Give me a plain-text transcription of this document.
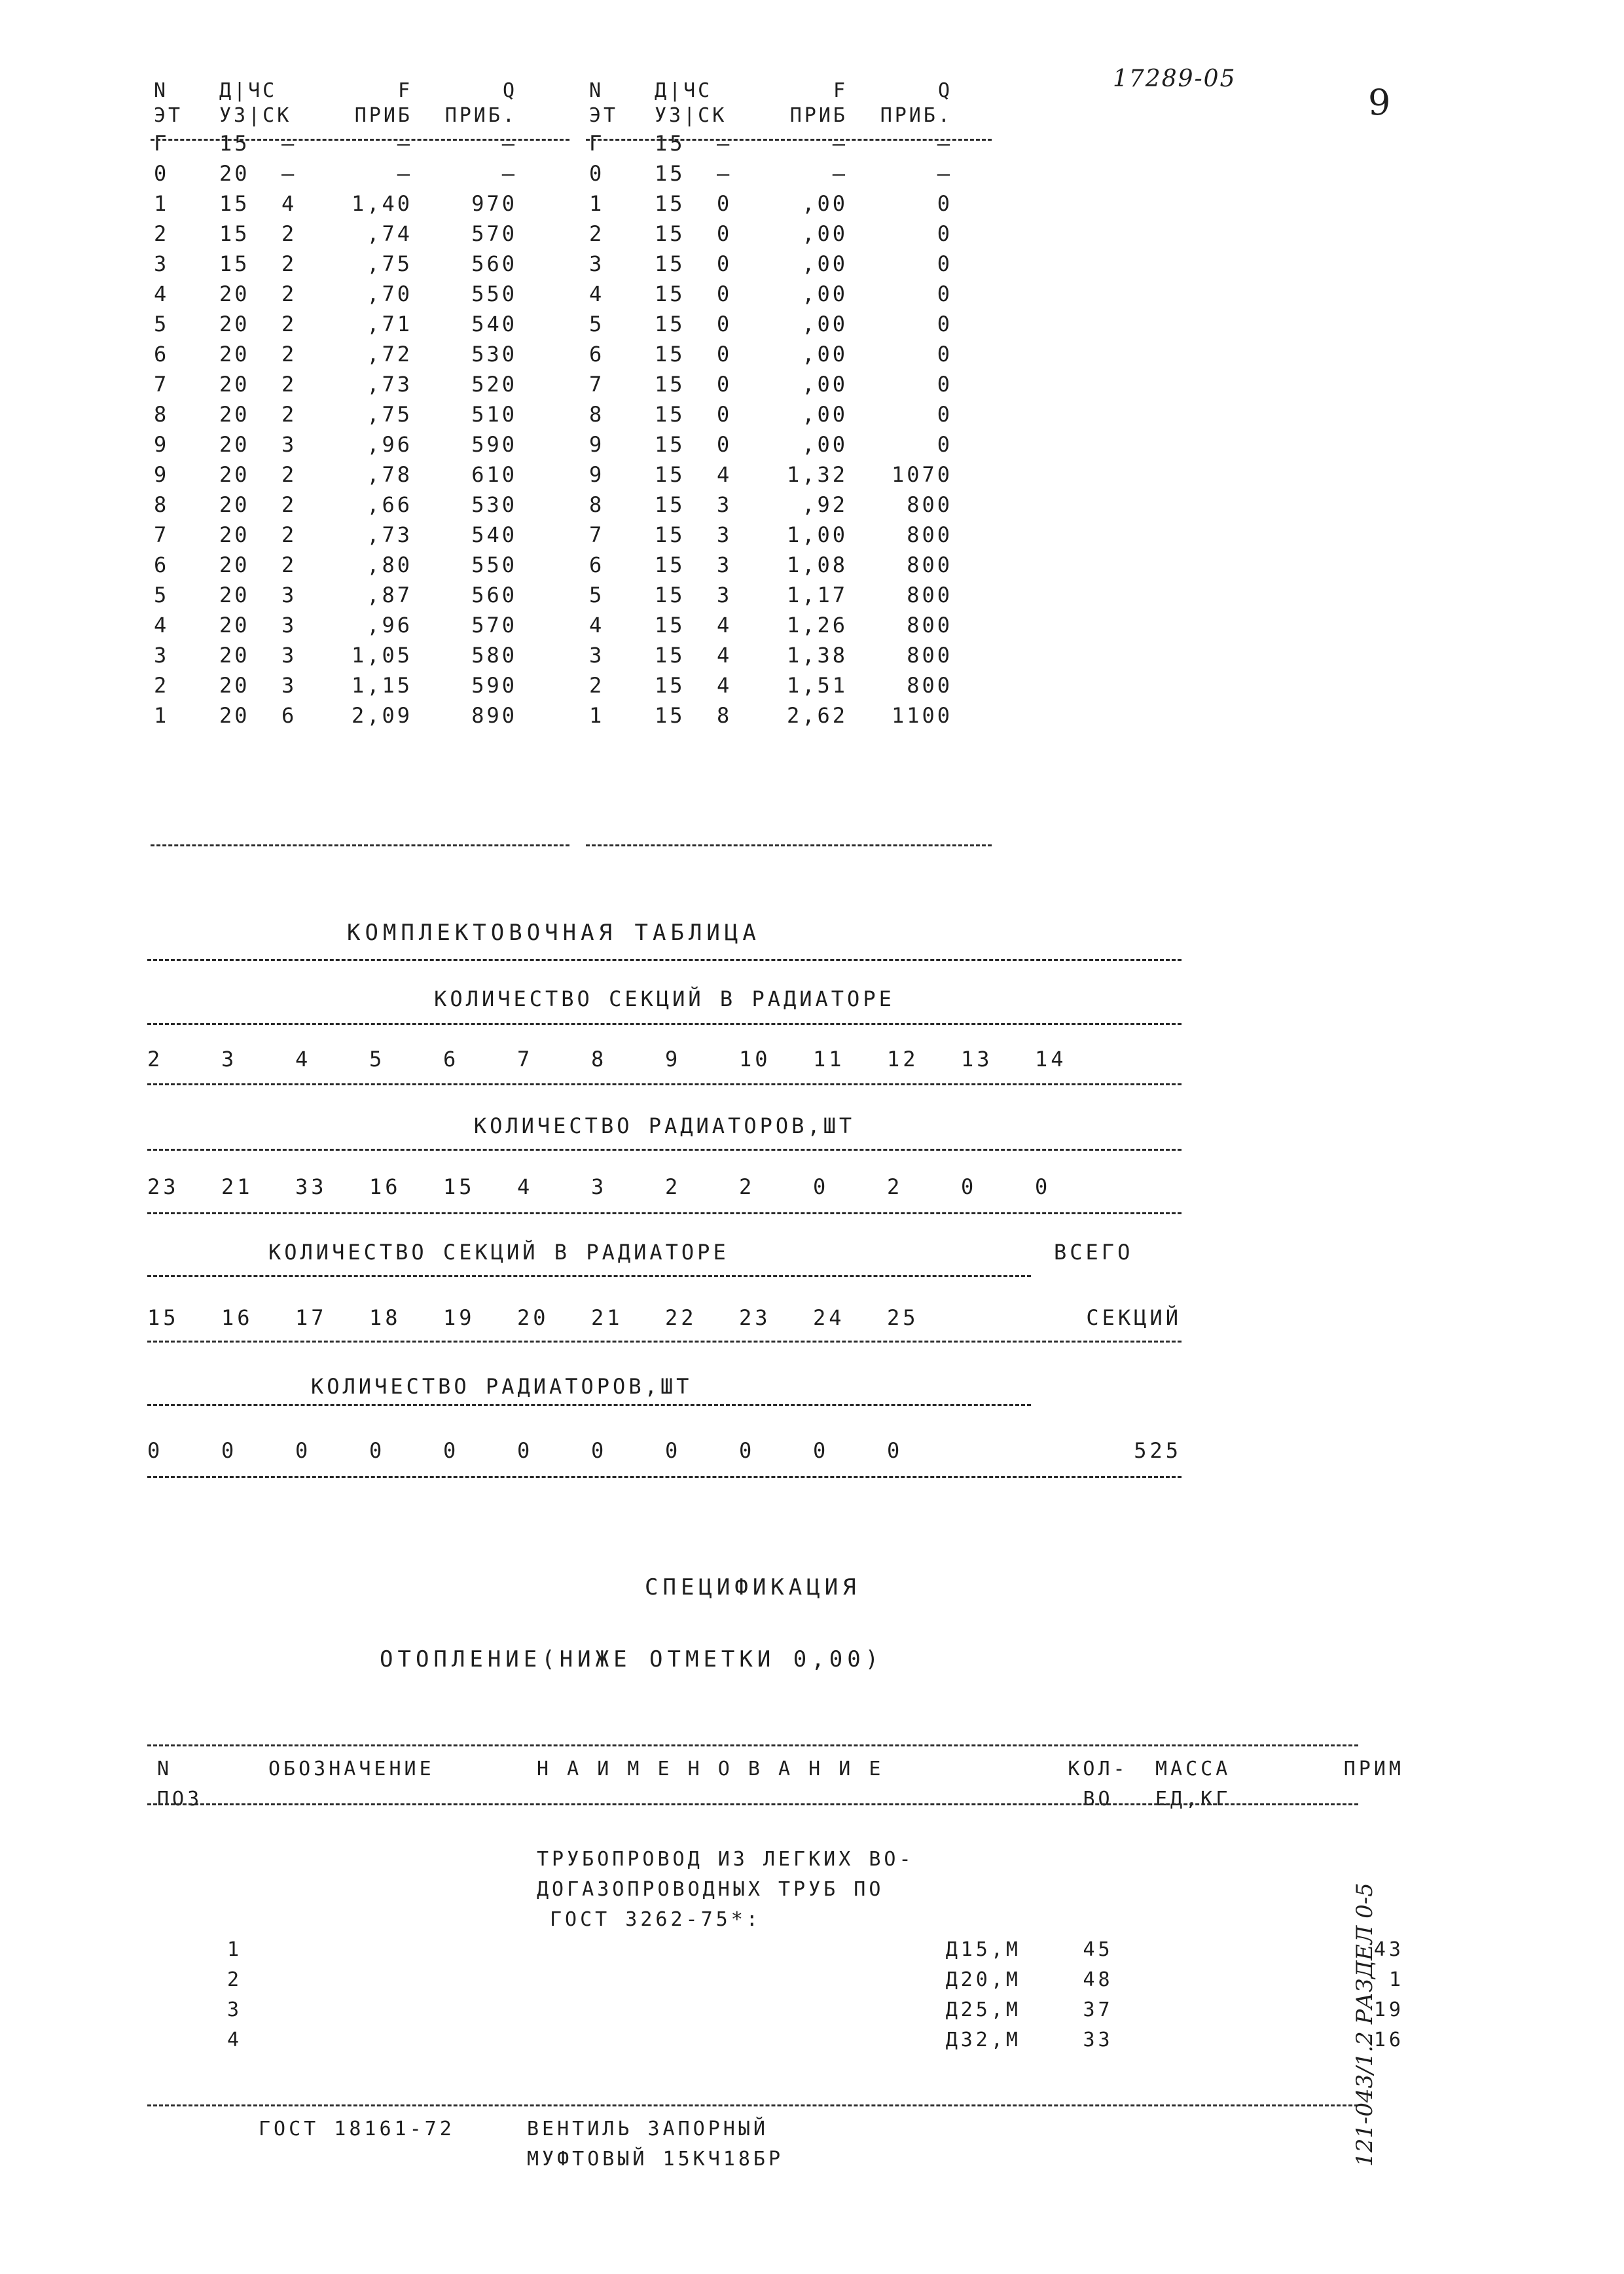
17289-05
9
N	Д|ЧС		F	Q
ЭТ	УЗ|СК		ПРИБ	ПРИБ.
Г	15	–	–	–
0	20	–	–	–
1	15	4	1,40	970
2	15	2	,74	570
3	15	2	,75	560
4	20	2	,70	550
5	20	2	,71	540
6	20	2	,72	530
7	20	2	,73	520
8	20	2	,75	510
9	20	3	,96	590
9	20	2	,78	610
8	20	2	,66	530
7	20	2	,73	540
6	20	2	,80	550
5	20	3	,87	560
4	20	3	,96	570
3	20	3	1,05	580
2	20	3	1,15	590
1	20	6	2,09	890
N	Д|ЧС		F	Q
ЭТ	УЗ|СК		ПРИБ	ПРИБ.
Г	15	–	–	–
0	15	–	–	–
1	15	0	,00	0
2	15	0	,00	0
3	15	0	,00	0
4	15	0	,00	0
5	15	0	,00	0
6	15	0	,00	0
7	15	0	,00	0
8	15	0	,00	0
9	15	0	,00	0
9	15	4	1,32	1070
8	15	3	,92	800
7	15	3	1,00	800
6	15	3	1,08	800
5	15	3	1,17	800
4	15	4	1,26	800
3	15	4	1,38	800
2	15	4	1,51	800
1	15	8	2,62	1100
КОМПЛЕКТОВОЧНАЯ ТАБЛИЦА
КОЛИЧЕСТВО СЕКЦИЙ В РАДИАТОРЕ
2	3	4	5	6	7	8	9	10	11	12	13	14
КОЛИЧЕСТВО РАДИАТОРОВ,ШТ
23	21	33	16	15	4	3	2	2	0	2	0	0
КОЛИЧЕСТВО СЕКЦИЙ В РАДИАТОРЕ	ВСЕГО
15	16	17	18	19	20	21	22	23	24	25	СЕКЦИЙ
КОЛИЧЕСТВО РАДИАТОРОВ,ШТ
0	0	0	0	0	0	0	0	0	0	0	525
СПЕЦИФИКАЦИЯ
ОТОПЛЕНИЕ(НИЖЕ ОТМЕТКИ 0,00)
N	ОБОЗНАЧЕНИЕ	Н А И М Е Н О В А Н И Е	КОЛ-	МАССА	ПРИМ
ПОЗ			ВО	ЕД,КГ	

		ТРУБОПРОВОД ИЗ ЛЕГКИХ ВО-			
		ДОГАЗОПРОВОДНЫХ ТРУБ ПО			
		ГОСТ 3262-75*:			
1		Д15,М	45		43
2		Д20,М	48		1
3		Д25,М	37		19
4		Д32,М	33		16
	ГОСТ 18161-72	ВЕНТИЛЬ ЗАПОРНЫЙ			
		МУФТОВЫЙ 15КЧ18БР				121-043/1.2 РАЗДЕЛ 0-5
